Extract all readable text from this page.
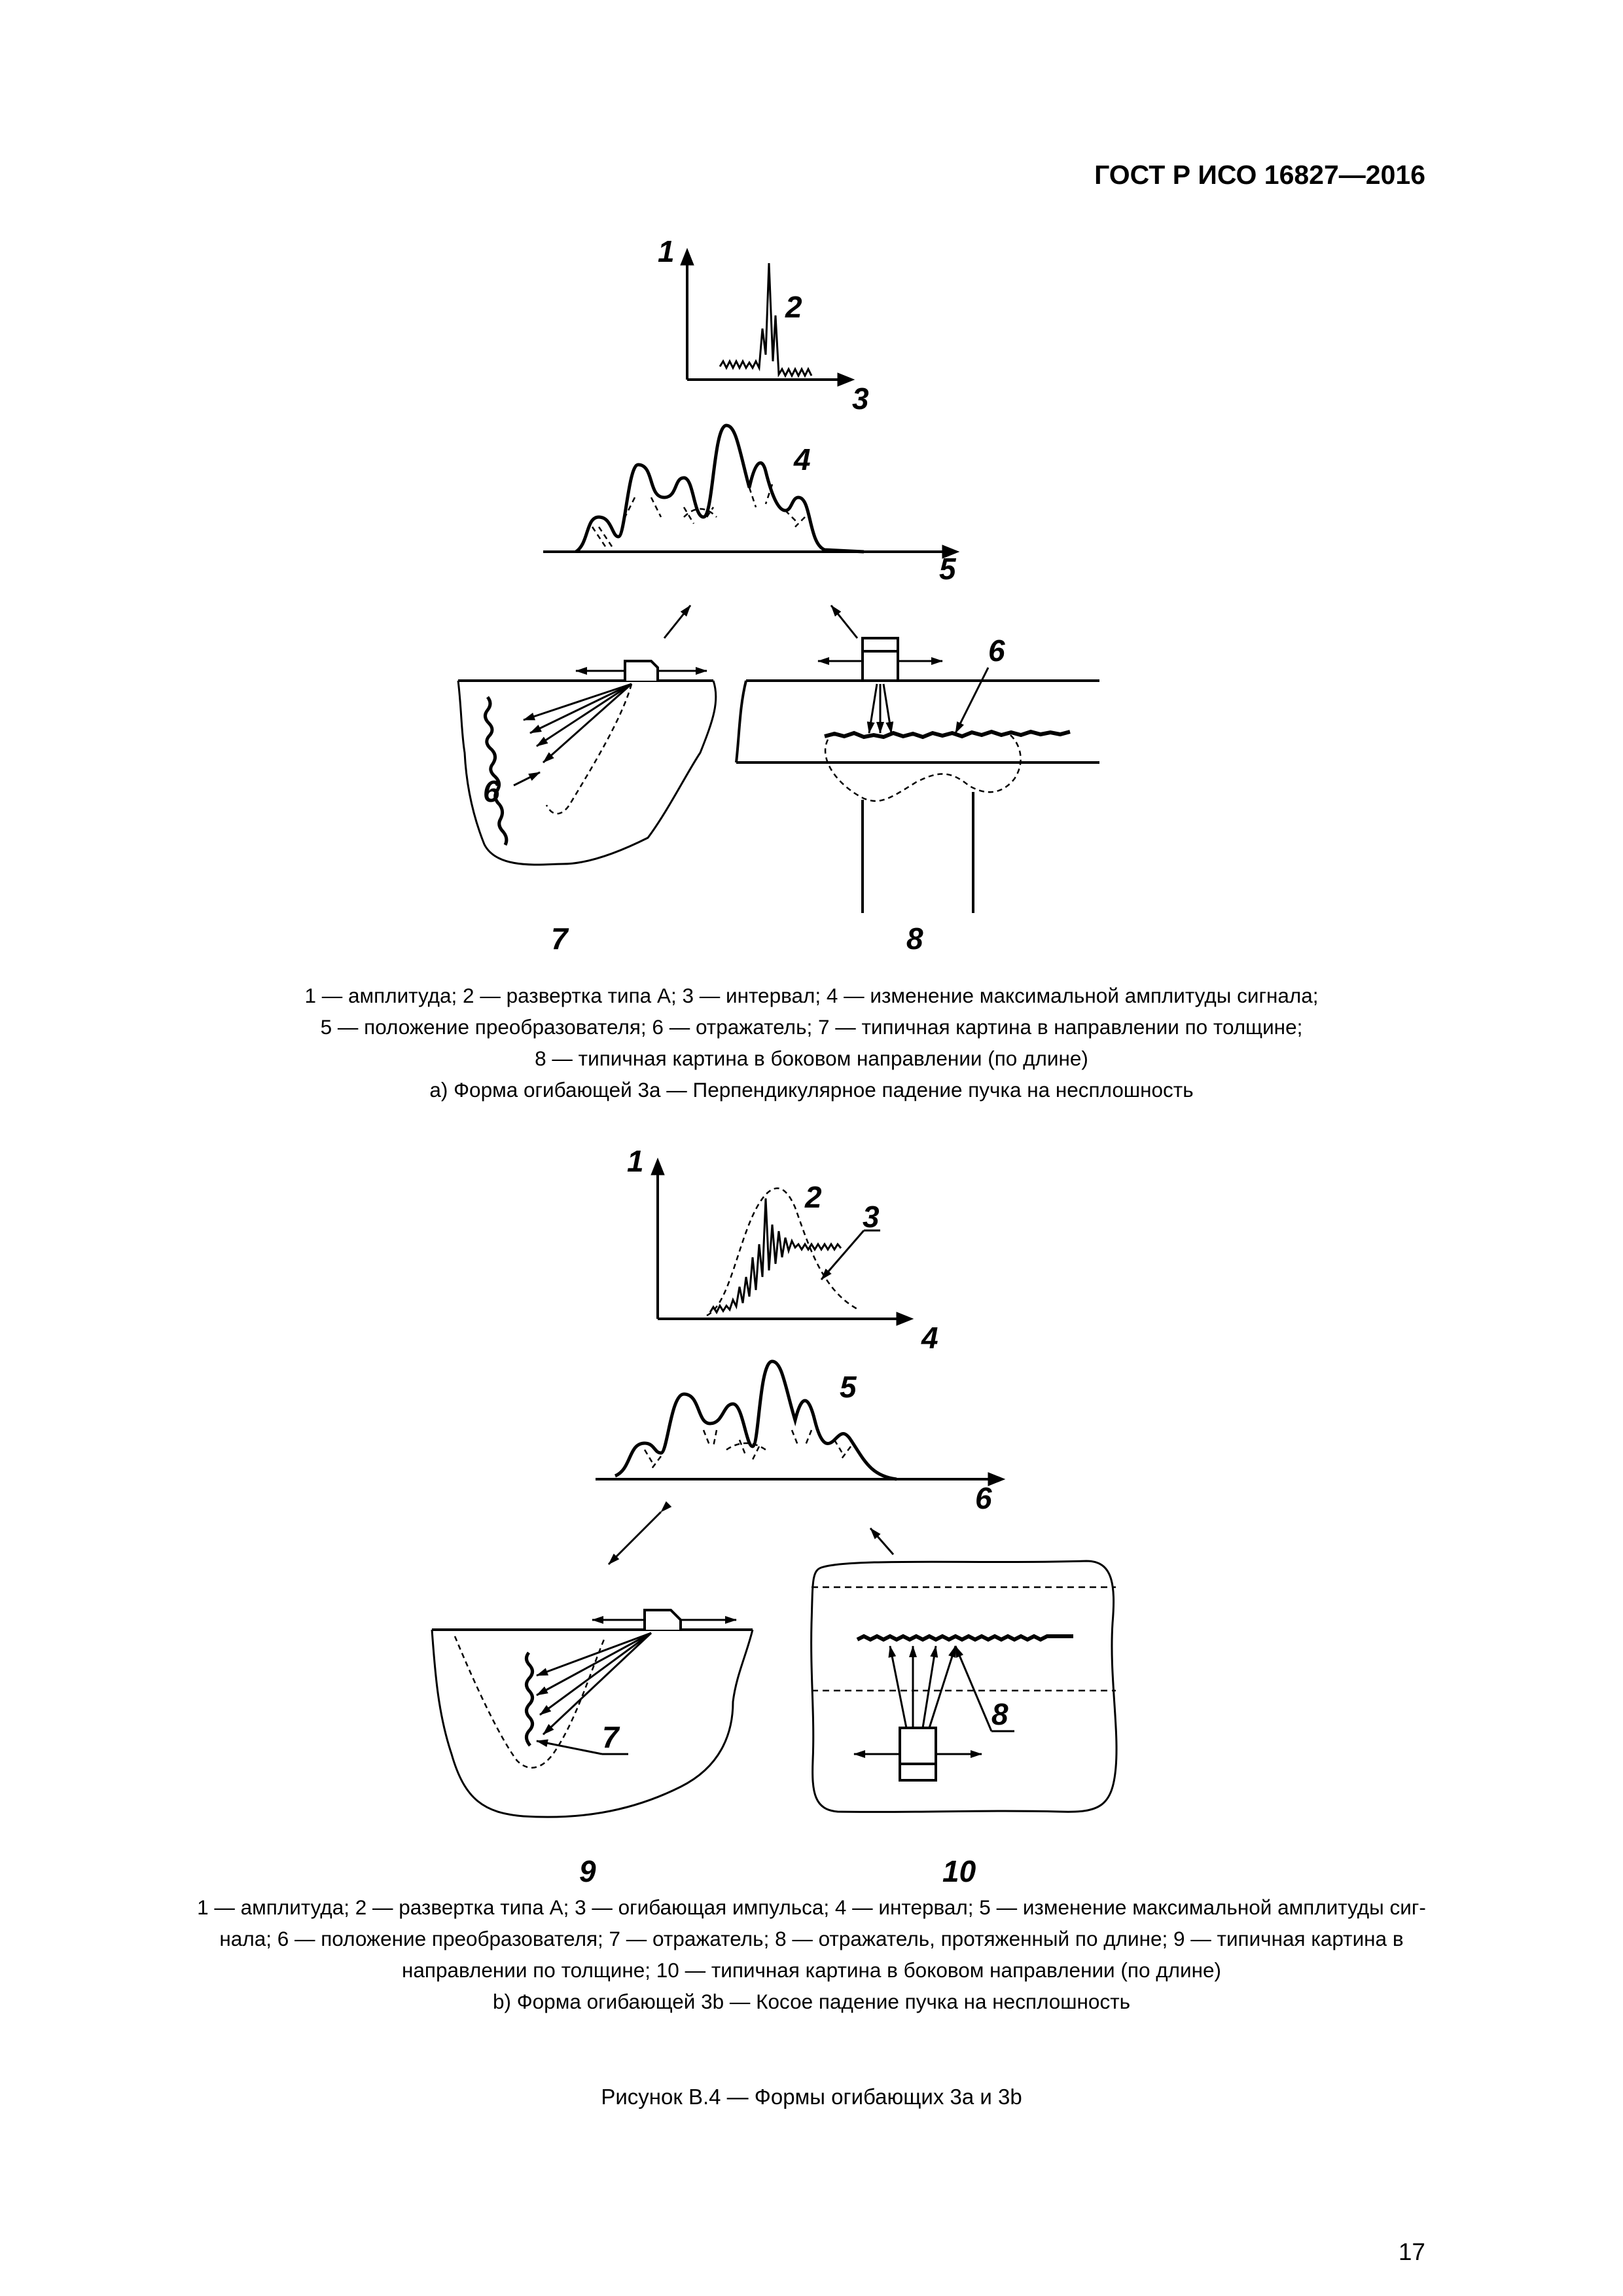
ГОСТ Р ИСО 16827—2016
1
2
3
4
5
6
6
7	8
1
2
3
4
5
6
7
8
9	10
1 — амплитуда; 2 — развертка типа А; 3 — интервал; 4 — изменение максимальной амплитуды сигнала;
5 — положение преобразователя; 6 — отражатель; 7 — типичная картина в направлении по толщине;
8 — типичная картина в боковом направлении (по длине)
а) Форма огибающей 3а — Перпендикулярное падение пучка на несплошность
1 — амплитуда; 2 — развертка типа А; 3 — огибающая импульса; 4 — интервал; 5 — изменение максимальной амплитуды сиг-
нала; 6 — положение преобразователя; 7 — отражатель; 8 — отражатель, протяженный по длине; 9 — типичная картина в
направлении по толщине; 10 — типичная картина в боковом направлении (по длине)
b) Форма огибающей 3b — Косое падение пучка на несплошность
Рисунок В.4 — Формы огибающих 3а и 3b
17
